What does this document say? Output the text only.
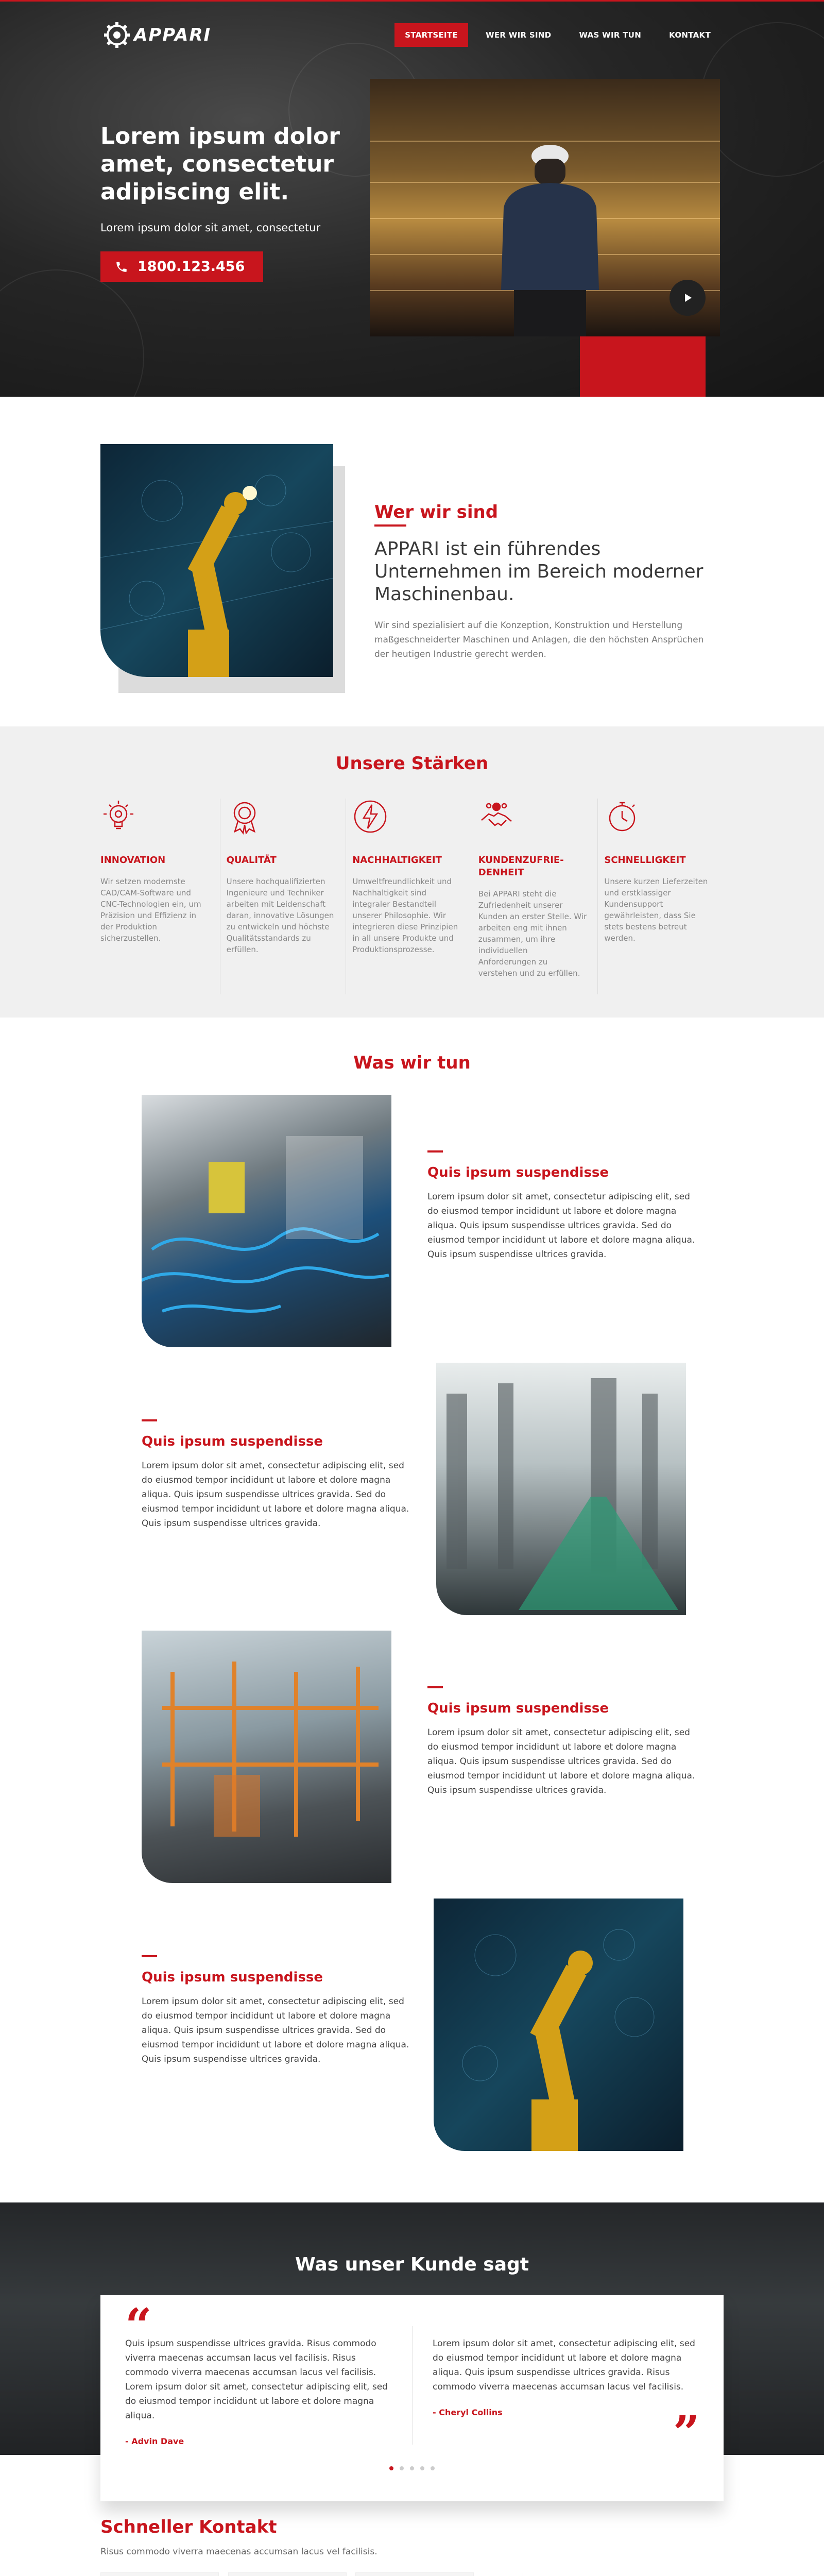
APPARI	STARTSEITE	WER WIR SIND	WAS WIR TUN	KONTAKT
Lorem ipsum dolor amet, consectetur adipiscing elit.

Lorem ipsum dolor sit amet, consectetur

1800.123.456
Wer wir sind
APPARI ist ein führendes Unternehmen im Bereich moderner Maschinenbau.

Wir sind spezialisiert auf die Konzeption, Konstruktion und Herstellung maßgeschneiderter Maschinen und Anlagen, die den höchsten Ansprüchen der heutigen Industrie gerecht werden.

Unsere Stärken
INNOVATION
Wir setzen modernste CAD/CAM-Software und CNC-Technologien ein, um Präzision und Effizienz in der Produktion sicherzustellen.
QUALITÄT
Unsere hochqualifizierten Ingenieure und Techniker arbeiten mit Leidenschaft daran, innovative Lösungen zu entwickeln und höchste Qualitätsstandards zu erfüllen.
NACHHALTIGKEIT
Umweltfreundlichkeit und Nachhaltigkeit sind integraler Bestandteil unserer Philosophie. Wir integrieren diese Prinzipien in all unsere Produkte und Produktionsprozesse.
KUNDENZUFRIE-DENHEIT
Bei APPARI steht die Zufriedenheit unserer Kunden an erster Stelle. Wir arbeiten eng mit ihnen zusammen, um ihre individuellen Anforderungen zu verstehen und zu erfüllen.
SCHNELLIGKEIT
Unsere kurzen Lieferzeiten und erstklassiger Kundensupport gewährleisten, dass Sie stets bestens betreut werden.
Was wir tun
Quis ipsum suspendisse

Lorem ipsum dolor sit amet, consectetur adipiscing elit, sed do eiusmod tempor incididunt ut labore et dolore magna aliqua. Quis ipsum suspendisse ultrices gravida. Sed do eiusmod tempor incididunt ut labore et dolore magna aliqua. Quis ipsum suspendisse ultrices gravida.

Quis ipsum suspendisse

Lorem ipsum dolor sit amet, consectetur adipiscing elit, sed do eiusmod tempor incididunt ut labore et dolore magna aliqua. Quis ipsum suspendisse ultrices gravida. Sed do eiusmod tempor incididunt ut labore et dolore magna aliqua. Quis ipsum suspendisse ultrices gravida.

Quis ipsum suspendisse

Lorem ipsum dolor sit amet, consectetur adipiscing elit, sed do eiusmod tempor incididunt ut labore et dolore magna aliqua. Quis ipsum suspendisse ultrices gravida. Sed do eiusmod tempor incididunt ut labore et dolore magna aliqua. Quis ipsum suspendisse ultrices gravida.

Quis ipsum suspendisse

Lorem ipsum dolor sit amet, consectetur adipiscing elit, sed do eiusmod tempor incididunt ut labore et dolore magna aliqua. Quis ipsum suspendisse ultrices gravida. Sed do eiusmod tempor incididunt ut labore et dolore magna aliqua. Quis ipsum suspendisse ultrices gravida.

Was unser Kunde sagt
“
Quis ipsum suspendisse ultrices gravida. Risus commodo viverra maecenas accumsan lacus vel facilisis. Risus commodo viverra maecenas accumsan lacus vel facilisis. Lorem ipsum dolor sit amet, consectetur adipiscing elit, sed do eiusmod tempor incididunt ut labore et dolore magna aliqua.
- Advin Dave
Lorem ipsum dolor sit amet, consectetur adipiscing elit, sed do eiusmod tempor incididunt ut labore et dolore magna aliqua. Quis ipsum suspendisse ultrices gravida. Risus commodo viverra maecenas accumsan lacus vel facilisis.
- Cheryl Collins	”
Schneller Kontakt
Risus commodo viverra maecenas accumsan lacus vel facilisis.
Name
Email
Telefon
